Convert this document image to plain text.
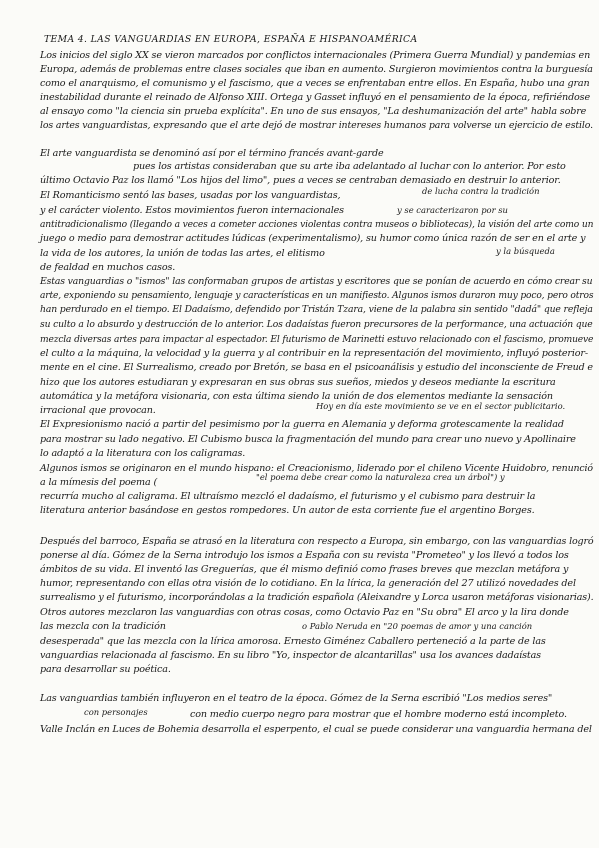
TEMA 4. LAS VANGUARDIAS EN EUROPA, ESPAÑA E HISPANOAMÉRICA
Los inicios del siglo XX se vieron marcados por conflictos internacionales (Primera Guerra Mundial) y pandemias en
Europa, además de problemas entre clases sociales que iban en aumento. Surgieron movimientos contra la burguesía
como el anarquismo, el comunismo y el fascismo, que a veces se enfrentaban entre ellos. En España, hubo una gran
inestabilidad durante el reinado de Alfonso XIII. Ortega y Gasset influyó en el pensamiento de la época, refiriéndose
al ensayo como "la ciencia sin prueba explícita". En uno de sus ensayos, "La deshumanización del arte" habla sobre
los artes vanguardistas, expresando que el arte dejó de mostrar intereses humanos para volverse un ejercicio de estilo.
El arte vanguardista se denominó así por el término francés avant-garde
pues los artistas consideraban que su arte iba adelantado al luchar con lo anterior. Por esto
último Octavio Paz los llamó "Los hijos del limo", pues a veces se centraban demasiado en destruir lo anterior.
El Romanticismo sentó las bases, usadas por los vanguardistas,	de lucha contra la tradición
y el carácter violento. Estos movimientos fueron internacionales	y se caracterizaron por su
antitradicionalismo (llegando a veces a cometer acciones violentas contra museos o bibliotecas), la visión del arte como un
juego o medio para demostrar actitudes lúdicas (experimentalismo), su humor como única razón de ser en el arte y
y la búsqueda
la vida de los autores, la unión de todas las artes, el elitismo
de fealdad en muchos casos.
Estas vanguardias o "ismos" las conformaban grupos de artistas y escritores que se ponían de acuerdo en cómo crear su
arte, exponiendo su pensamiento, lenguaje y características en un manifiesto. Algunos ismos duraron muy poco, pero otros
han perdurado en el tiempo. El Dadaísmo, defendido por Tristán Tzara, viene de la palabra sin sentido "dadá" que refleja
su culto a lo absurdo y destrucción de lo anterior. Los dadaístas fueron precursores de la performance, una actuación que
mezcla diversas artes para impactar al espectador. El futurismo de Marinetti estuvo relacionado con el fascismo, promueve
el culto a la máquina, la velocidad y la guerra y al contribuir en la representación del movimiento, influyó posterior-
mente en el cine. El Surrealismo, creado por Bretón, se basa en el psicoanálisis y estudio del inconsciente de Freud e
hizo que los autores estudiaran y expresaran en sus obras sus sueños, miedos y deseos mediante la escritura
automática y la metáfora visionaria, con esta última siendo la unión de dos elementos mediante la sensación
Hoy en día este movimiento se ve en el sector publicitario.
irracional que provocan.
El Expresionismo nació a partir del pesimismo por la guerra en Alemania y deforma grotescamente la realidad
para mostrar su lado negativo. El Cubismo busca la fragmentación del mundo para crear uno nuevo y Apollinaire
lo adaptó a la literatura con los caligramas.
Algunos ismos se originaron en el mundo hispano: el Creacionismo, liderado por el chileno Vicente Huidobro, renunció
"el poema debe crear como la naturaleza crea un árbol") y
a la mímesis del poema (
recurría mucho al caligrama. El ultraísmo mezcló el dadaísmo, el futurismo y el cubismo para destruir la
literatura anterior basándose en gestos rompedores. Un autor de esta corriente fue el argentino Borges.
Después del barroco, España se atrasó en la literatura con respecto a Europa, sin embargo, con las vanguardias logró
ponerse al día. Gómez de la Serna introdujo los ismos a España con su revista "Prometeo" y los llevó a todos los
ámbitos de su vida. El inventó las Greguerías, que él mismo definió como frases breves que mezclan metáfora y
humor, representando con ellas otra visión de lo cotidiano. En la lírica, la generación del 27 utilizó novedades del
surrealismo y el futurismo, incorporándolas a la tradición española (Aleixandre y Lorca usaron metáforas visionarias).
Otros autores mezclaron las vanguardias con otras cosas, como Octavio Paz en "Su obra" El arco y la lira donde
las mezcla con la tradición	o Pablo Neruda en "20 poemas de amor y una canción
desesperada" que las mezcla con la lírica amorosa. Ernesto Giménez Caballero perteneció a la parte de las
vanguardias relacionada al fascismo. En su libro "Yo, inspector de alcantarillas" usa los avances dadaístas
para desarrollar su poética.
Las vanguardias también influyeron en el teatro de la época. Gómez de la Serna escribió "Los medios seres"
con personajes	con medio cuerpo negro para mostrar que el hombre moderno está incompleto.
Valle Inclán en Luces de Bohemia desarrolla el esperpento, el cual se puede considerar una vanguardia hermana del
